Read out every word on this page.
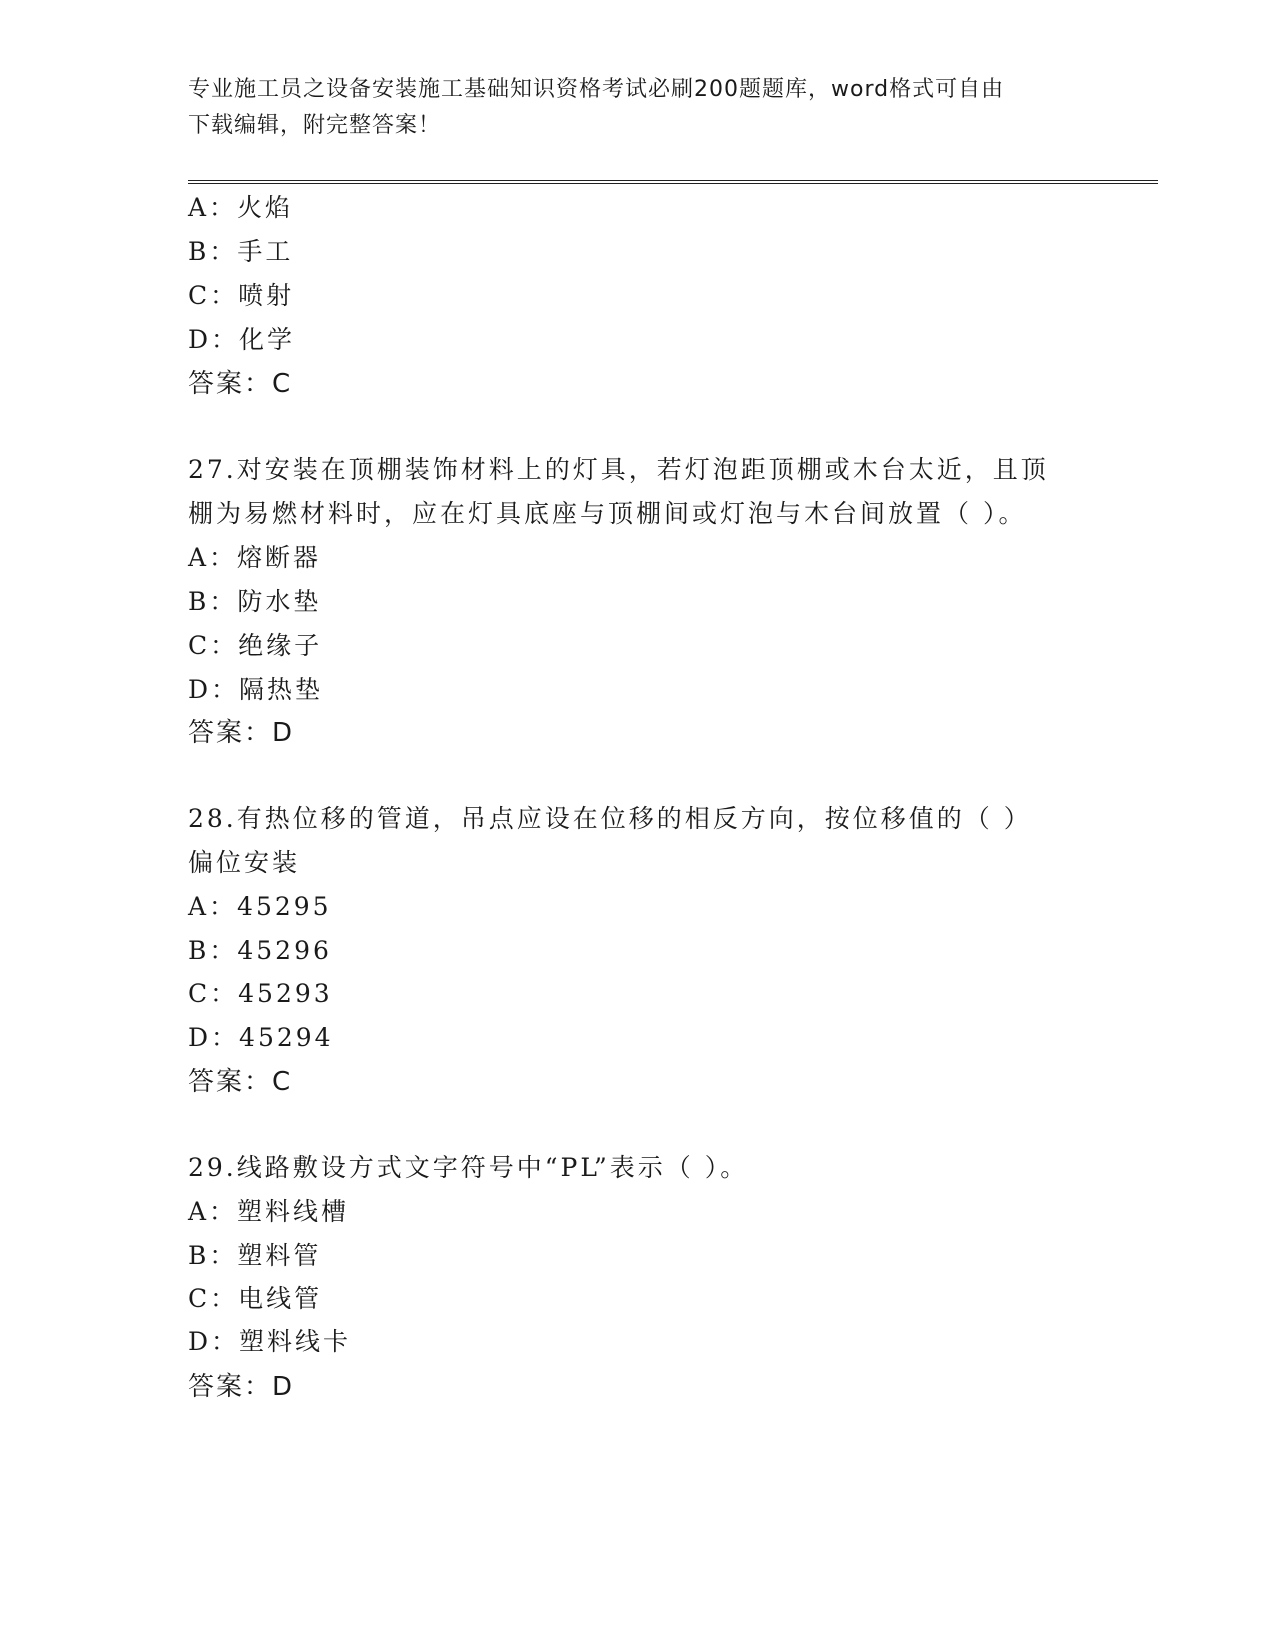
专业施工员之设备安装施工基础知识资格考试必刷200题题库，word格式可自由
下载编辑，附完整答案！
A：火焰
B：手工
C：喷射
D：化学
答案：C
27.对安装在顶棚装饰材料上的灯具，若灯泡距顶棚或木台太近，且顶
棚为易燃材料时，应在灯具底座与顶棚间或灯泡与木台间放置（ ）。
A：熔断器
B：防水垫
C：绝缘子
D：隔热垫
答案：D
28.有热位移的管道，吊点应设在位移的相反方向，按位移值的（ ）
偏位安装
A：45295
B：45296
C：45293
D：45294
答案：C
29.线路敷设方式文字符号中“PL”表示（ ）。
A：塑料线槽
B：塑料管
C：电线管
D：塑料线卡
答案：D
